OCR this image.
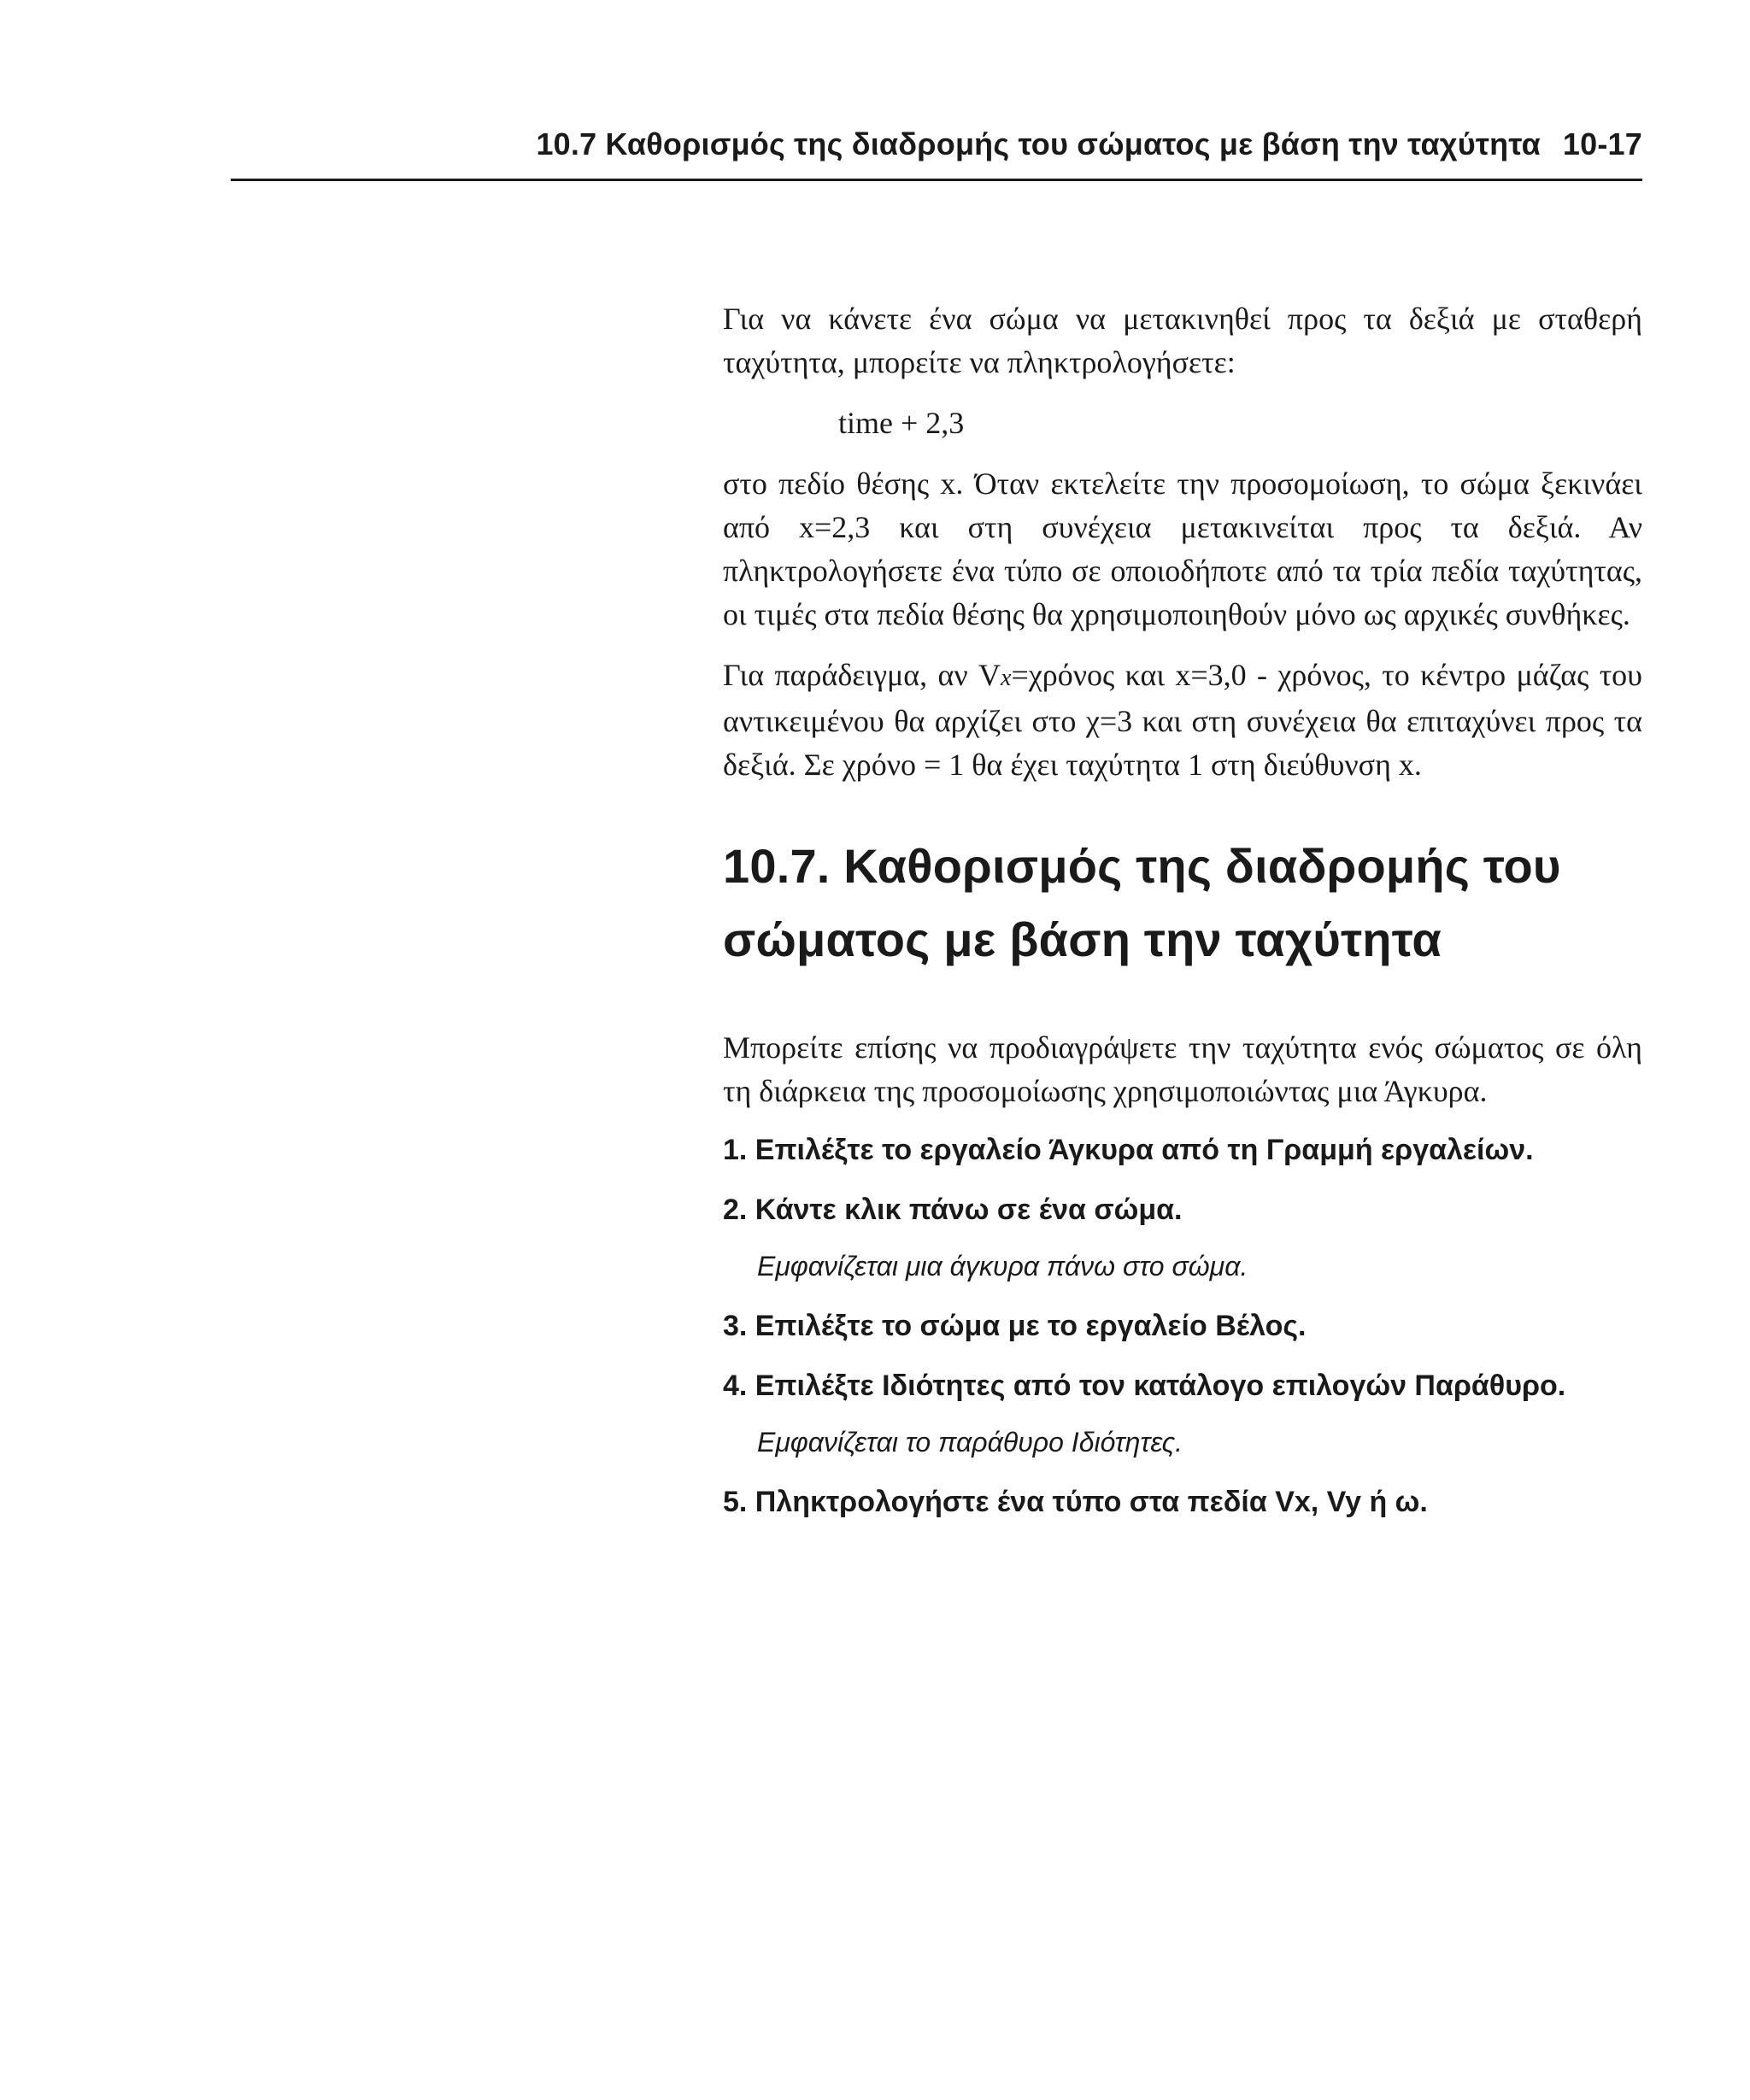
10.7 Καθορισμός της διαδρομής του σώματος με βάση την ταχύτητα 10-17

Για να κάνετε ένα σώμα να μετακινηθεί προς τα δεξιά με σταθερή ταχύτητα, μπορείτε να πληκτρολογήσετε:

time + 2,3

στο πεδίο θέσης x. Όταν εκτελείτε την προσομοίωση, το σώμα ξεκινάει από x=2,3 και στη συνέχεια μετακινείται προς τα δεξιά. Αν πληκτρολογήσετε ένα τύπο σε οποιοδήποτε από τα τρία πεδία ταχύτητας, οι τιμές στα πεδία θέσης θα χρησιμοποιηθούν μόνο ως αρχικές συνθήκες.

Για παράδειγμα, αν Vx=χρόνος και x=3,0 - χρόνος, το κέντρο μάζας του αντικειμένου θα αρχίζει στο χ=3 και στη συνέχεια θα επιταχύνει προς τα δεξιά. Σε χρόνο = 1 θα έχει ταχύτητα 1 στη διεύθυνση x.

10.7. Καθορισμός της διαδρομής του σώματος με βάση την ταχύτητα

Μπορείτε επίσης να προδιαγράψετε την ταχύτητα ενός σώματος σε όλη τη διάρκεια της προσομοίωσης χρησιμοποιώντας μια Άγκυρα.

1. Επιλέξτε το εργαλείο Άγκυρα από τη Γραμμή εργαλείων.

2. Κάντε κλικ πάνω σε ένα σώμα.

Εμφανίζεται μια άγκυρα πάνω στο σώμα.

3. Επιλέξτε το σώμα με το εργαλείο Βέλος.

4. Επιλέξτε Ιδιότητες από τον κατάλογο επιλογών Παράθυρο.

Εμφανίζεται το παράθυρο Ιδιότητες.

5. Πληκτρολογήστε ένα τύπο στα πεδία Vx, Vy ή ω.
